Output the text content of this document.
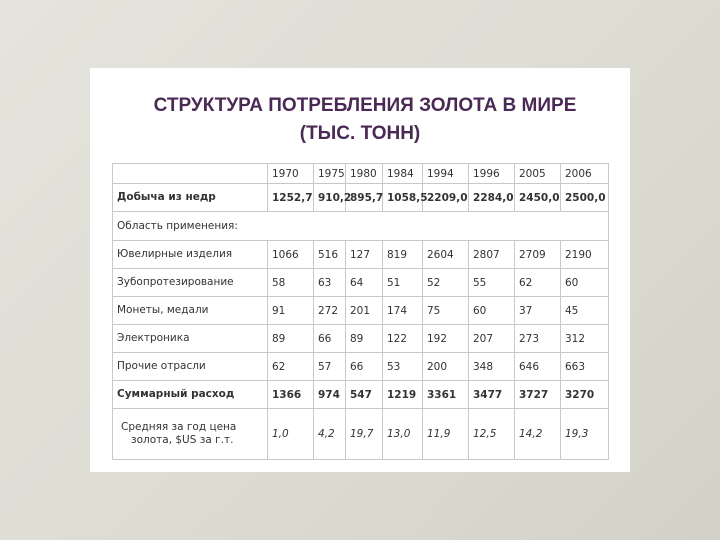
СТРУКТУРА ПОТРЕБЛЕНИЯ ЗОЛОТА В МИРЕ
(ТЫС. ТОНН)
	1970	1975	1980	1984	1994	1996	2005	2006
Добыча из недр	1252,7	910,2	895,7	1058,5	2209,0	2284,0	2450,0	2500,0
Область применения:								
Ювелирные изделия	1066	516	127	819	2604	2807	2709	2190
Зубопротезирование	58	63	64	51	52	55	62	60
Монеты, медали	91	272	201	174	75	60	37	45
Электроника	89	66	89	122	192	207	273	312
Прочие отрасли	62	57	66	53	200	348	646	663
Суммарный расход	1366	974	547	1219	3361	3477	3727	3270

Средняя за год цена
золота, $US за г.т.	1,0	4,2	19,7	13,0	11,9	12,5	14,2	19,3
